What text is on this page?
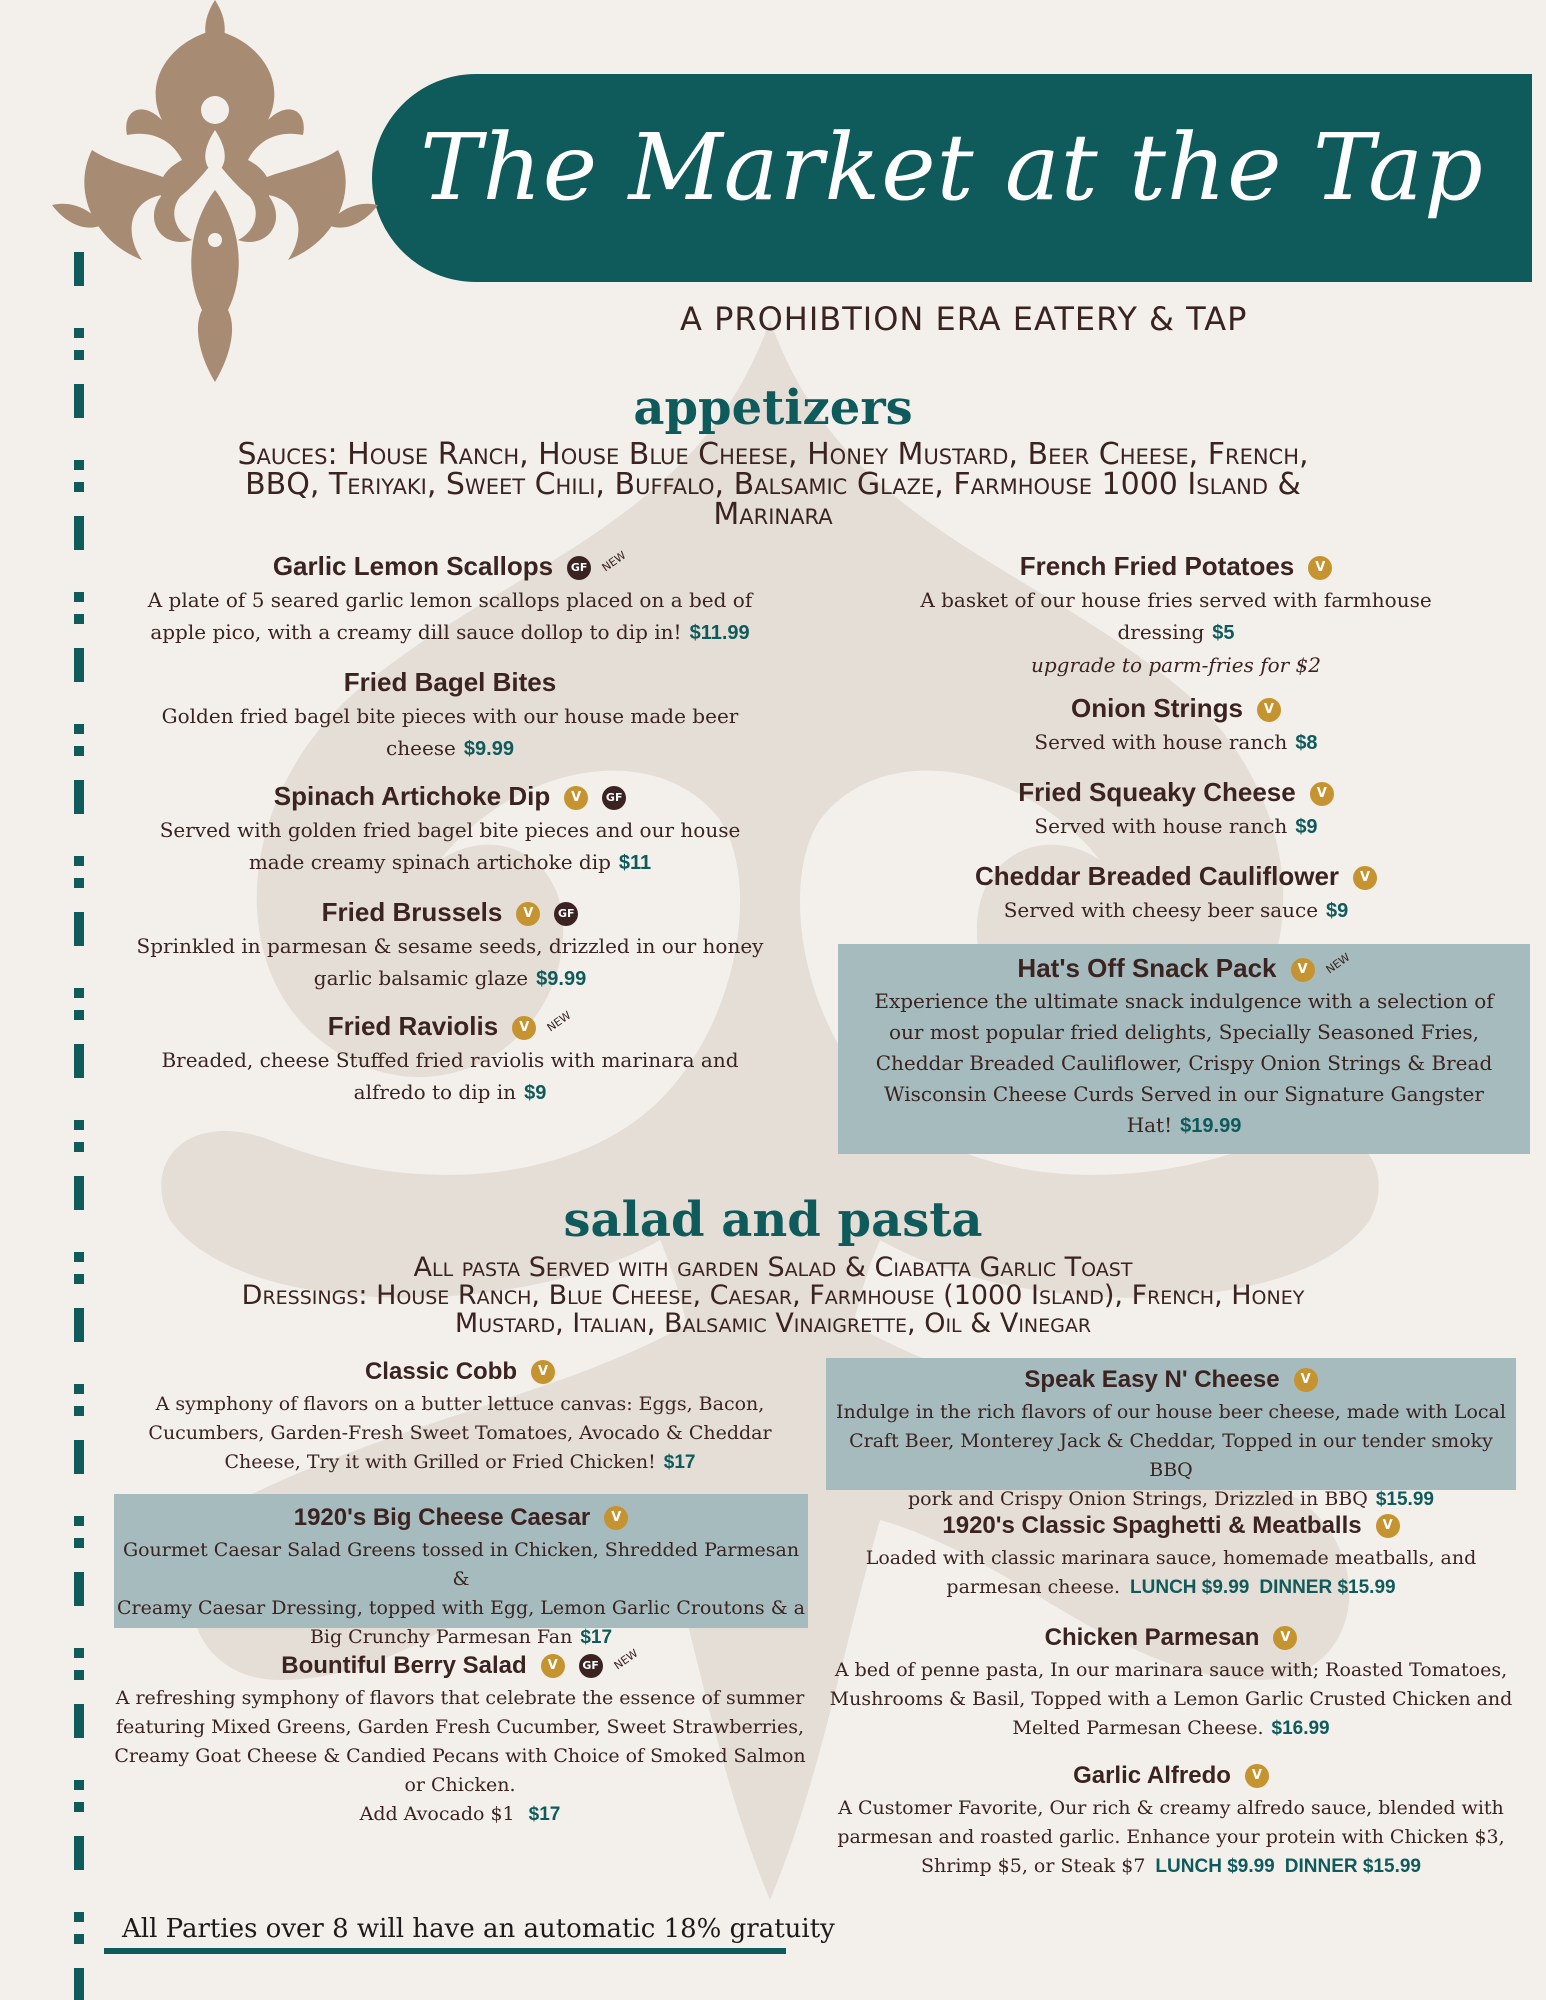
The Market at the Tap
A PROHIBTION ERA EATERY & TAP
appetizers
Sauces: House Ranch, House Blue Cheese, Honey Mustard, Beer Cheese, French,
BBQ, Teriyaki, Sweet Chili, Buffalo, Balsamic Glaze, Farmhouse 1000 Island &
Marinara
Garlic Lemon Scallops GF NEW
A plate of 5 seared garlic lemon scallops placed on a bed of
apple pico, with a creamy dill sauce dollop to dip in! $11.99
Fried Bagel Bites
Golden fried bagel bite pieces with our house made beer
cheese $9.99
Spinach Artichoke Dip V GF
Served with golden fried bagel bite pieces and our house
made creamy spinach artichoke dip $11
Fried Brussels V GF
Sprinkled in parmesan & sesame seeds, drizzled in our honey
garlic balsamic glaze $9.99
Fried Raviolis V NEW
Breaded, cheese Stuffed fried raviolis with marinara and
alfredo to dip in $9
French Fried Potatoes V
A basket of our house fries served with farmhouse
dressing $5
upgrade to parm-fries for $2
Onion Strings V
Served with house ranch $8
Fried Squeaky Cheese V
Served with house ranch $9
Cheddar Breaded Cauliflower V
Served with cheesy beer sauce $9
Hat's Off Snack Pack V NEW
Experience the ultimate snack indulgence with a selection of
our most popular fried delights, Specially Seasoned Fries,
Cheddar Breaded Cauliflower, Crispy Onion Strings & Bread
Wisconsin Cheese Curds Served in our Signature Gangster
Hat! $19.99
salad and pasta
All pasta Served with garden Salad & Ciabatta Garlic Toast
Dressings: House Ranch, Blue Cheese, Caesar, Farmhouse (1000 Island), French, Honey
Mustard, Italian, Balsamic Vinaigrette, Oil & Vinegar
Classic Cobb V
A symphony of flavors on a butter lettuce canvas: Eggs, Bacon,
Cucumbers, Garden-Fresh Sweet Tomatoes, Avocado & Cheddar
Cheese, Try it with Grilled or Fried Chicken! $17
1920's Big Cheese Caesar V
Gourmet Caesar Salad Greens tossed in Chicken, Shredded Parmesan &
Creamy Caesar Dressing, topped with Egg, Lemon Garlic Croutons & a
Big Crunchy Parmesan Fan $17
Bountiful Berry Salad V GF NEW
A refreshing symphony of flavors that celebrate the essence of summer
featuring Mixed Greens, Garden Fresh Cucumber, Sweet Strawberries,
Creamy Goat Cheese & Candied Pecans with Choice of Smoked Salmon
or Chicken.
Add Avocado $1 $17
Speak Easy N' Cheese V
Indulge in the rich flavors of our house beer cheese, made with Local
Craft Beer, Monterey Jack & Cheddar, Topped in our tender smoky BBQ
pork and Crispy Onion Strings, Drizzled in BBQ $15.99
1920's Classic Spaghetti & Meatballs V
Loaded with classic marinara sauce, homemade meatballs, and
parmesan cheese. LUNCH $9.99 DINNER $15.99
Chicken Parmesan V
A bed of penne pasta, In our marinara sauce with; Roasted Tomatoes,
Mushrooms & Basil, Topped with a Lemon Garlic Crusted Chicken and
Melted Parmesan Cheese. $16.99
Garlic Alfredo V
A Customer Favorite, Our rich & creamy alfredo sauce, blended with
parmesan and roasted garlic. Enhance your protein with Chicken $3,
Shrimp $5, or Steak $7 LUNCH $9.99 DINNER $15.99
All Parties over 8 will have an automatic 18% gratuity
